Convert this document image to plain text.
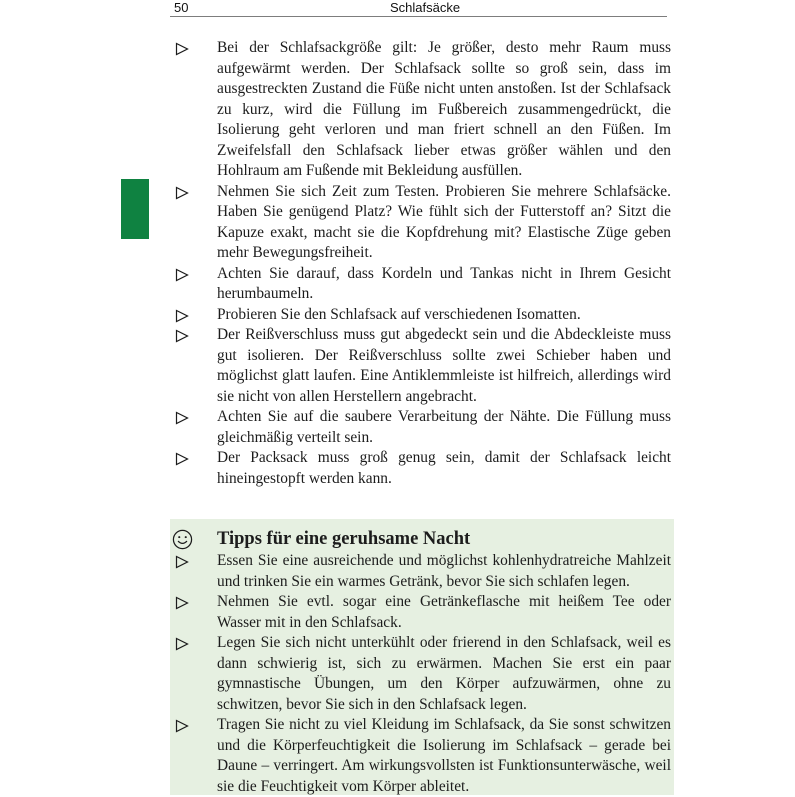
50	Schlafsäcke

Bei der Schlafsackgröße gilt: Je größer, desto mehr Raum muss aufgewärmt werden. Der Schlafsack sollte so groß sein, dass im ausgestreckten Zustand die Füße nicht unten anstoßen. Ist der Schlafsack zu kurz, wird die Füllung im Fußbereich zusammengedrückt, die Isolierung geht verloren und man friert schnell an den Füßen. Im Zweifelsfall den Schlafsack lieber etwas größer wählen und den Hohlraum am Fußende mit Bekleidung ausfüllen.

Nehmen Sie sich Zeit zum Testen. Probieren Sie mehrere Schlafsäcke. Haben Sie genügend Platz? Wie fühlt sich der Futterstoff an? Sitzt die Kapuze exakt, macht sie die Kopfdrehung mit? Elastische Züge geben mehr Bewegungsfreiheit.

Achten Sie darauf, dass Kordeln und Tankas nicht in Ihrem Gesicht herumbaumeln.

Probieren Sie den Schlafsack auf verschiedenen Isomatten.

Der Reißverschluss muss gut abgedeckt sein und die Abdeckleiste muss gut isolieren. Der Reißverschluss sollte zwei Schieber haben und möglichst glatt laufen. Eine Antiklemmleiste ist hilfreich, allerdings wird sie nicht von allen Herstellern angebracht.

Achten Sie auf die saubere Verarbeitung der Nähte. Die Füllung muss gleichmäßig verteilt sein.

Der Packsack muss groß genug sein, damit der Schlafsack leicht hineingestopft werden kann.

Tipps für eine geruhsame Nacht

Essen Sie eine ausreichende und möglichst kohlenhydratreiche Mahlzeit und trinken Sie ein warmes Getränk, bevor Sie sich schlafen legen.

Nehmen Sie evtl. sogar eine Getränkeflasche mit heißem Tee oder Wasser mit in den Schlafsack.

Legen Sie sich nicht unterkühlt oder frierend in den Schlafsack, weil es dann schwierig ist, sich zu erwärmen. Machen Sie erst ein paar gymnastische Übungen, um den Körper aufzuwärmen, ohne zu schwitzen, bevor Sie sich in den Schlafsack legen.

Tragen Sie nicht zu viel Kleidung im Schlafsack, da Sie sonst schwitzen und die Körperfeuchtigkeit die Isolierung im Schlafsack – gerade bei Daune – verringert. Am wirkungsvollsten ist Funktionsunterwäsche, weil sie die Feuchtigkeit vom Körper ableitet.
